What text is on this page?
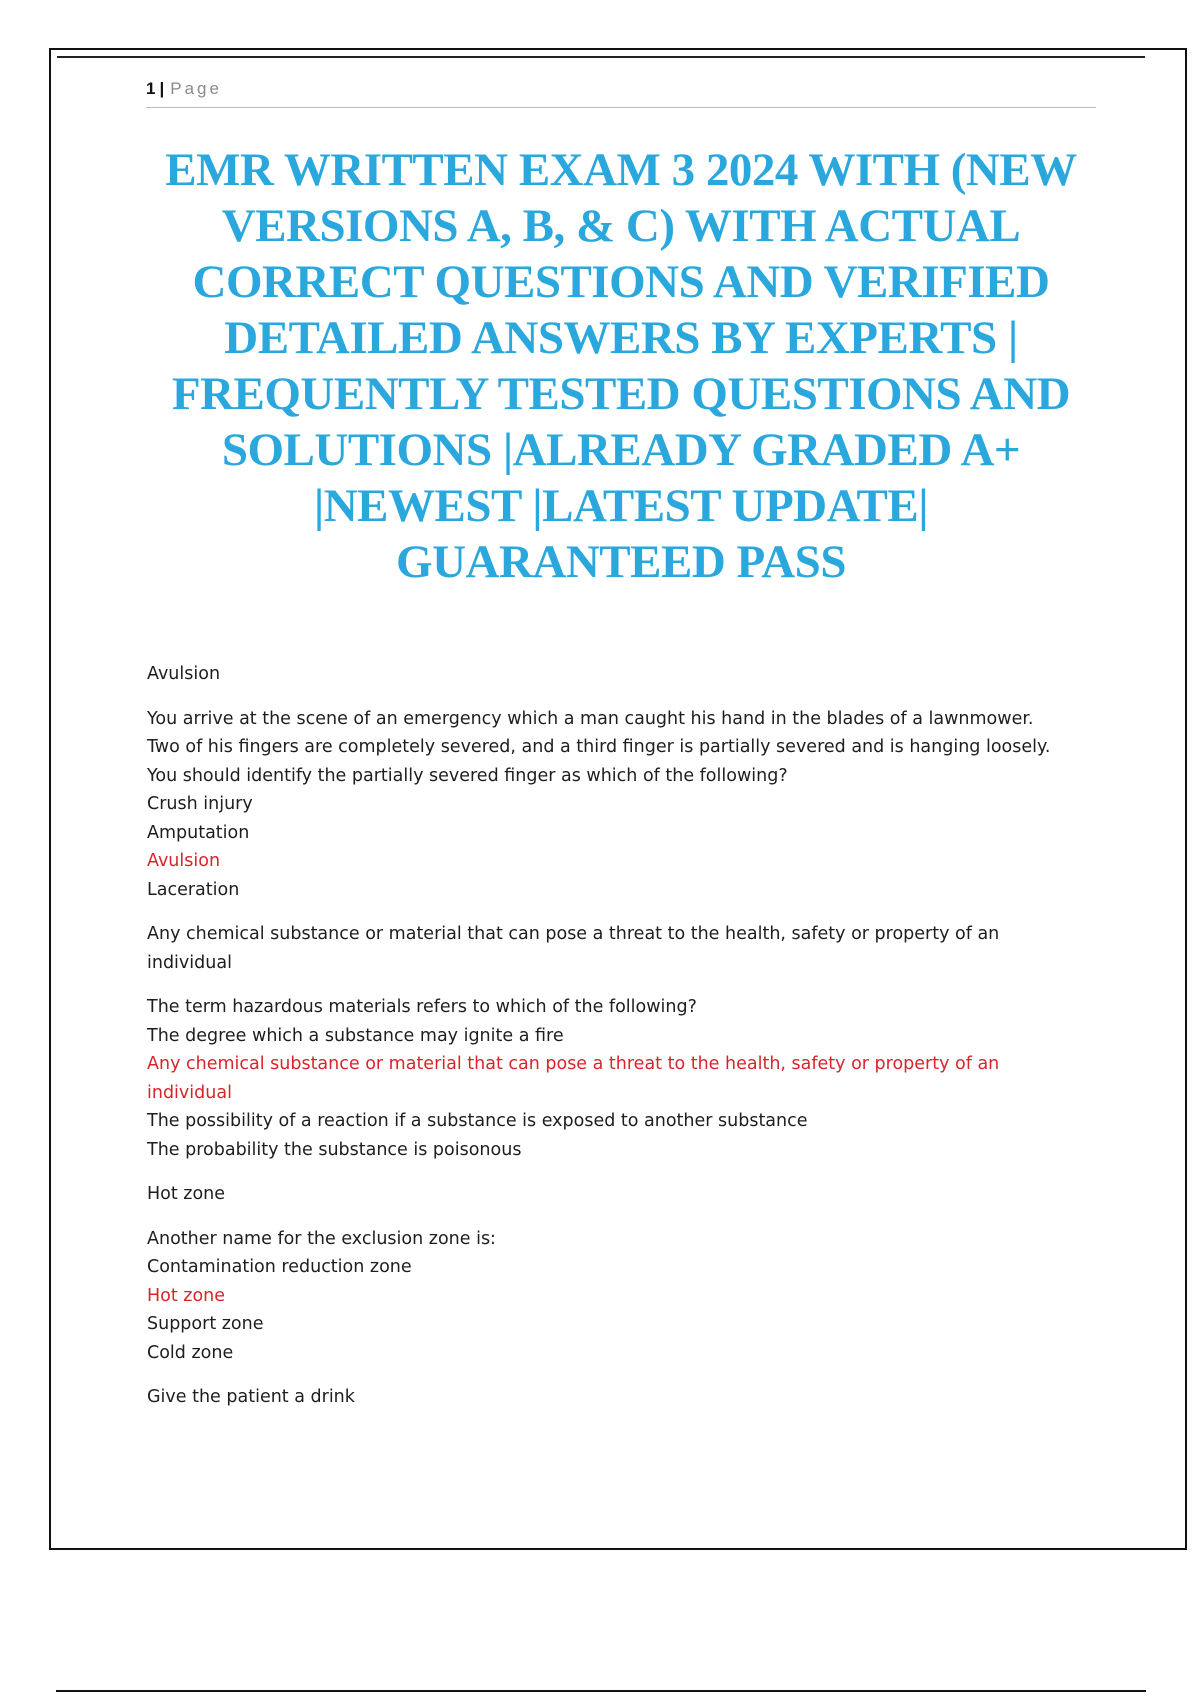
1 | Page
EMR WRITTEN EXAM 3 2024 WITH (NEW VERSIONS A, B, & C) WITH ACTUAL CORRECT QUESTIONS AND VERIFIED DETAILED ANSWERS BY EXPERTS | FREQUENTLY TESTED QUESTIONS AND SOLUTIONS |ALREADY GRADED A+ |NEWEST |LATEST UPDATE| GUARANTEED PASS
Avulsion
You arrive at the scene of an emergency which a man caught his hand in the blades of a lawnmower.
Two of his fingers are completely severed, and a third finger is partially severed and is hanging loosely.
You should identify the partially severed finger as which of the following?
Crush injury
Amputation
Avulsion
Laceration
Any chemical substance or material that can pose a threat to the health, safety or property of an individual
The term hazardous materials refers to which of the following?
The degree which a substance may ignite a fire
Any chemical substance or material that can pose a threat to the health, safety or property of an individual
The possibility of a reaction if a substance is exposed to another substance
The probability the substance is poisonous
Hot zone
Another name for the exclusion zone is:
Contamination reduction zone
Hot zone
Support zone
Cold zone
Give the patient a drink
